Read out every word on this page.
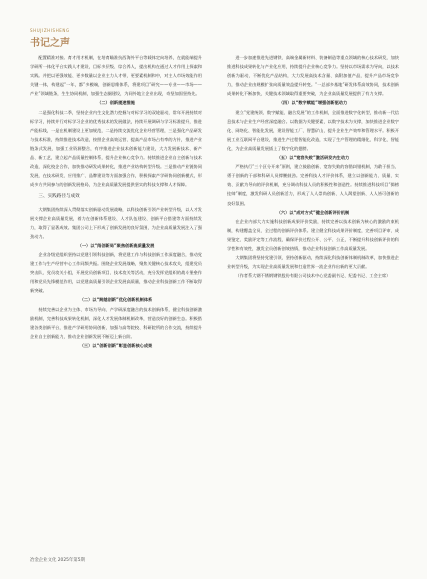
SHUJIZHISHENG
书记之声

配置精准对接。育才用才机制，在培育瞄准抗西海外平台等载体定向培养，在就能端提升学研所一体化平台实践人才建设，目标多层级、综合养人，提出机构在通过人才作用上探索和实践。并把以更强效能、更多数量以企业主力人才带，更要素机制和中，对主人市场效能作用关键一体，构建起“一年，都”多模端，创新思维体系，将建项目“研究——专业——市场——产业”领域链条，生生协同机制，加强生态圈建设，为同外地立企业出现，奇坚加固坚持先。

（二）创新提速措施

二是强化科技二季，坚持企业内生文化潜力挖掘与对标学习的双轮驱动，常年开展持续对标学习，持续并行对标学习企业的优秀技术的发展做法，持续开展调研与学习标准提升，推进产能标线，一是在机制建设上更加规范，二是持续交流优化企业经营管理，三是强化产品研发与技术标准，持续推进技术改造，按照企业高效运营、提高产品市场占有率的方针，推进产业链条式发展，加强工业资源整合，有序推进企业技术创新能力建设，大力发展新技术、新产品、新工艺，建立起产品质量控制体系，提升企业核心竞争力。持续推进企业自主创新与技术改造，深化校企合作，加快推动研发成果转化，推进产业结构转型升级。三是推动产业链协同发展，在技术研发、应用推广、品牌建设等方面加强合作，积极探索产学研协同创新模式，形成多方共同参与的创新发展格局，为企业高质量发展提供坚实的科技支撑和人才保障。

三、实践路径与成效

大钢集团持续深入贯彻落实创新驱动发展战略，以科技创新引领产业转型升级，以人才发展支撑企业高质量发展，着力在创新体系建设、人才队伍建设、创新平台搭建等方面持续发力，取得了显著成效。集团公司上下形成了创新发展的良好氛围，为企业高质量发展注入了强劲动力。

（一）以“闯创新局”聚焦创新高质量发展

企业各级党组织坚持以党建引领科技创新，将党建工作与科技创新工作深度融合，推动党建工作与生产经营中心工作同频共振。围绕企业发展战略，聚焦关键核心技术攻关，组建党员突击队、党员攻关小组，开展党员创新项目、技术攻关等活动，充分发挥党组织的战斗堡垒作用和党员先锋模范作用，以党建高质量引领企业发展高质量，推动企业科技创新工作不断取得新突破。

（二）以“跨越创新”优化创新机制体系

持续完善以企业为主体、市场为导向、产学研深度融合的技术创新体系，健全科技创新激励机制，完善科技成果转化机制，深化人才发展体制机制改革，营造良好的创新生态。积极搭建各类创新平台，推进产学研用协同创新，加强与高等院校、科研院所的合作交流，持续提升企业自主创新能力，推动企业创新发展不断迈上新台阶。

（三）以“创新创新”彰显创新核心成果

进一步加速推进先进钢铁、高端金属新材料、装备制造等重点领域的核心技术研发，加快推进科技成果转化与产业化应用，持续提升企业核心竞争力。坚持以市场需求为导向，以技术创新为驱动，不断优化产品结构，大力发展高技术含量、高附加值产品，提升产品市场竞争力，推动企业由规模扩张向质量效益提升转变。“一总部多基地”研发体系高效协同，技术创新成果转化不断加快，关键技术领域取得重要突破，为企业高质量发展提供了有力支撑。

（四）以“数字赋能”增强创新驱动力

建立“党建统领、数字赋能、融合发展”的工作机制，全面推进数字化转型，推动新一代信息技术与企业生产经营深度融合。以数据为关键要素，以数字技术为支撑，加快推进企业数字化、网络化、智能化发展，建设智能工厂、智慧矿山，提升企业生产效率和管理水平。积极开展工业互联网平台建设，推进生产过程智能化改造，实现了生产管理的精细化、科学化、智能化，为企业高质量发展插上了数字化的翅膀。

（五）以“宽容失败”激活研发内生动力

严格执行“三个区分开来”原则，建立鼓励创新、宽容失败的容错纠错机制，为敢于担当、勇于创新的干部和科研人员撑腰鼓劲。完善科技人才评价体系，建立以创新能力、质量、实效、贡献为导向的评价机制，充分调动科技人员的积极性和创造性。持续推进科技项目“揭榜挂帅”制度，激发科研人员创新活力，形成了人人崇尚创新、人人渴望创新、人人皆可创新的良好氛围。

（六）以“成对方式”健全创新评价机制

在企业内部大力实施科技创新成果评价奖励，持续完善以技术创新为核心的激励约束机制，构建覆盖全员、全过程的创新评价体系。建立健全科技成果评价制度，完善项目评审、成果鉴定、奖励评定等工作流程，确保评价过程公开、公平、公正，不断提升科技创新评价的科学性和有效性，激发全员创新创效热情，推动企业科技创新工作高质量发展。

大钢集团将坚持党建引领，坚持创新驱动，持续深化科技创新体制机制改革，加快推进企业转型升级，为实现企业高质量发展和打造世界一流企业作出新的更大贡献。

（作者系大钢不锈钢钢铁股份有限公司技术中心党委副书记、纪委书记、工会主席）

冶金企业文化 2025年第5期
